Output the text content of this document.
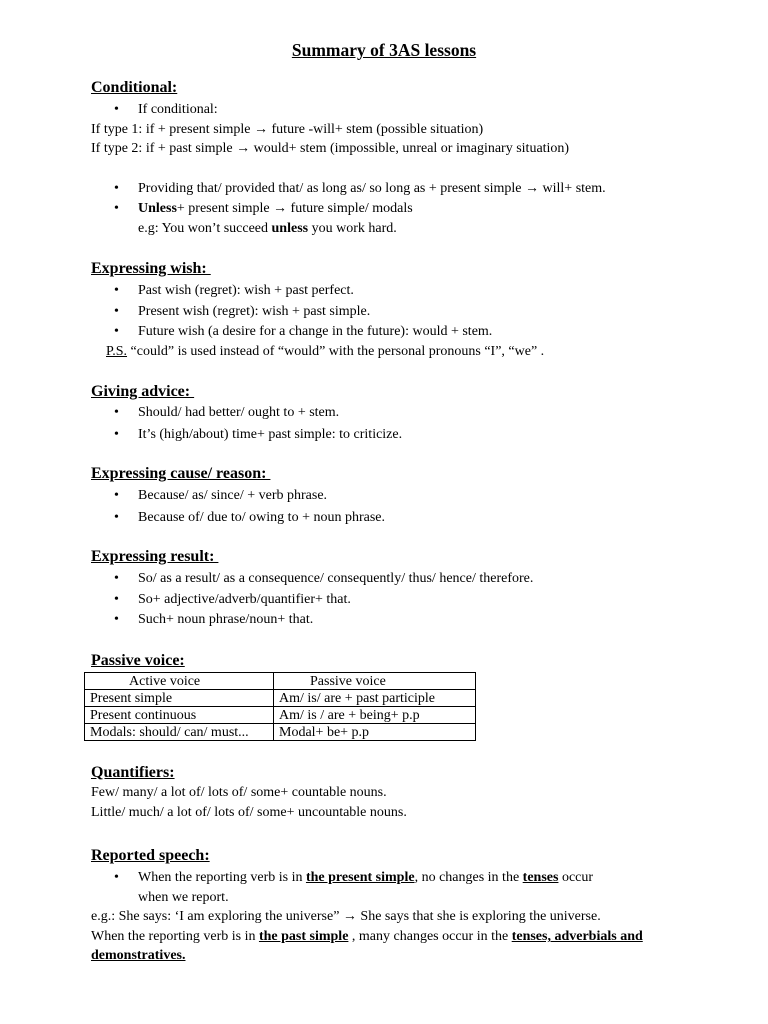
Summary of 3AS lessons
Conditional:
If conditional:
If type 1: if + present simple → future -will+ stem (possible situation)
If type 2: if + past simple → would+ stem (impossible, unreal or imaginary situation)
Providing that/ provided that/ as long as/ so long as + present simple → will+ stem.
Unless+ present simple → future simple/ modals
e.g: You won’t succeed unless you work hard.
Expressing wish:
Past wish (regret): wish + past perfect.
Present wish (regret): wish + past simple.
Future wish (a desire for a change in the future): would + stem.
P.S. “could” is used instead of “would” with the personal pronouns “I”, “we” .
Giving advice:
Should/ had better/ ought to + stem.
It’s (high/about) time+ past simple: to criticize.
Expressing cause/ reason:
Because/ as/ since/ + verb phrase.
Because of/ due to/ owing to + noun phrase.
Expressing result:
So/ as a result/ as a consequence/ consequently/ thus/ hence/ therefore.
So+ adjective/adverb/quantifier+ that.
Such+ noun phrase/noun+ that.
Passive voice:
Active voice	Passive voice
Present simple	Am/ is/ are + past participle
Present continuous	Am/ is / are + being+ p.p
Modals: should/ can/ must...	Modal+ be+ p.p
Quantifiers:
Few/ many/ a lot of/ lots of/ some+ countable nouns.
Little/ much/ a lot of/ lots of/ some+ uncountable nouns.
Reported speech:
When the reporting verb is in the present simple, no changes in the tenses occur
when we report.
e.g.: She says: ‘I am exploring the universe” → She says that she is exploring the universe.
When the reporting verb is in the past simple , many changes occur in the tenses, adverbials and
demonstratives.
